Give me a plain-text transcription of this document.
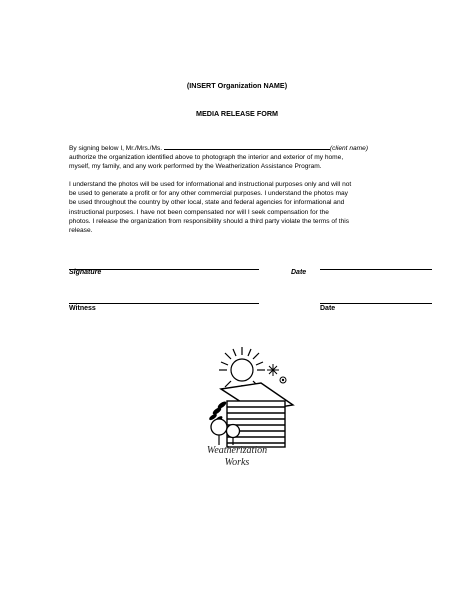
(INSERT Organization NAME)
MEDIA RELEASE FORM
By signing below I, Mr./Mrs./Ms.	(client name)
authorize the organization identified above to photograph the interior and exterior of my home,
myself, my family, and any work performed by the Weatherization Assistance Program.
I understand the photos will be used for informational and instructional purposes only and will not
be used to generate a profit or for any other commercial purposes. I understand the photos may
be used throughout the country by other local, state and federal agencies for informational and
instructional purposes. I have not been compensated nor will I seek compensation for the
photos. I release the organization from responsibility should a third party violate the terms of this
release.
Signature	Date
Witness	Date
Weatherization
Works
